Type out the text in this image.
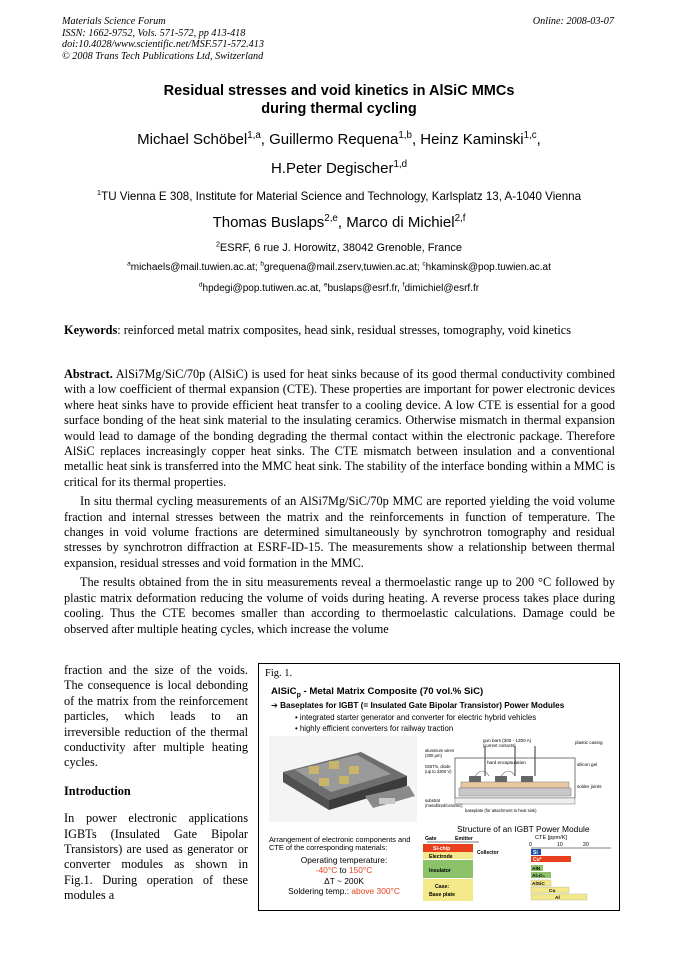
Materials Science Forum
ISSN: 1662-9752, Vols. 571-572, pp 413-418
doi:10.4028/www.scientific.net/MSF.571-572.413
© 2008 Trans Tech Publications Ltd, Switzerland
Online: 2008-03-07
Residual stresses and void kinetics in AlSiC MMCs
during thermal cycling
Michael Schöbel$^{1,a}$, Guillermo Requena$^{1,b}$, Heinz Kaminski$^{1,c}$,
H.Peter Degischer$^{1,d}$
$^1$TU Vienna E 308, Institute for Material Science and Technology, Karlsplatz 13, A-1040 Vienna
Thomas Buslaps$^{2,e}$, Marco di Michiel$^{2,f}$
$^2$ESRF, 6 rue J. Horowitz, 38042 Grenoble, France
$^a$michaels@mail.tuwien.ac.at; $^b$grequena@mail.zserv,tuwien.ac.at; $^c$hkaminsk@pop.tuwien.ac.at
$^d$hpdegi@pop.tutiwen.ac.at, $^e$buslaps@esrf.fr, $^f$dimichiel@esrf.fr

Keywords: reinforced metal matrix composites, head sink, residual stresses, tomography, void kinetics

Abstract. AlSi7Mg/SiC/70p (AlSiC) is used for heat sinks because of its good thermal conductivity combined with a low coefficient of thermal expansion (CTE). These properties are important for power electronic devices where heat sinks have to provide efficient heat transfer to a cooling device. A low CTE is essential for a good surface bonding of the heat sink material to the insulating ceramics. Otherwise mismatch in thermal expansion would lead to damage of the bonding degrading the thermal contact within the electronic package. Therefore AlSiC replaces increasingly copper heat sinks. The CTE mismatch between insulation and a conventional metallic heat sink is transferred into the MMC heat sink. The stability of the interface bonding within a MMC is critical for its thermal properties.

In situ thermal cycling measurements of an AlSi7Mg/SiC/70p MMC are reported yielding the void volume fraction and internal stresses between the matrix and the reinforcements in function of temperature. The changes in void volume fractions are determined simultaneously by synchrotron tomography and residual stresses by synchrotron diffraction at ESRF-ID-15. The measurements show a relationship between thermal expansion, residual stresses and void formation in the MMC.

The results obtained from the in situ measurements reveal a thermoelastic range up to 200 °C followed by plastic matrix deformation reducing the volume of voids during heating. A reverse process takes place during cooling. Thus the CTE becomes smaller than according to thermoelastic calculations. Damage could be observed after multiple heating cycles, which increase the volume

fraction and the size of the voids. The consequence is local debonding of the matrix from the reinforcement particles, which leads to an irreversible reduction of the thermal conductivity after multiple heating cycles.

Introduction

In power electronic applications IGBTs (Insulated Gate Bipolar Transistors) are used as generator or converter modules as shown in Fig.1. During operation of these modules a

Fig. 1.
AlSiC$_p$ - Metal Matrix Composite (70 vol.% SiC)
➔ Baseplates for IGBT (= Insulated Gate Bipolar Transistor) Power Modules
• integrated starter generator and converter for electric hybrid vehicles
• highly efficient converters for railway traction
gun bars (300 - 1200 A)
(current contacts)
plastic casing
aluminum wires
(300 µm)
hard encapsulation	silicon gel
IGBT/s, diode
(up to 3300 V)
solder joints
substrat
(metallized/ceramic)
baseplate (for attachment to heat sink)
Structure of an IGBT Power Module
Arrangement of electronic components and CTE of the corresponding materials:
Operating temperature:
-40°C to 150°C
ΔT ~ 200K
Soldering temp.: above 300°C
Gate	Emitter
Si-chip
Electrode
Collector
Insulator
Case:
Base plate
CTE [ppm/K]
0	10	20
Si
Cu*
AlN
Al₂O₃
AlSiC
Cu
Al
